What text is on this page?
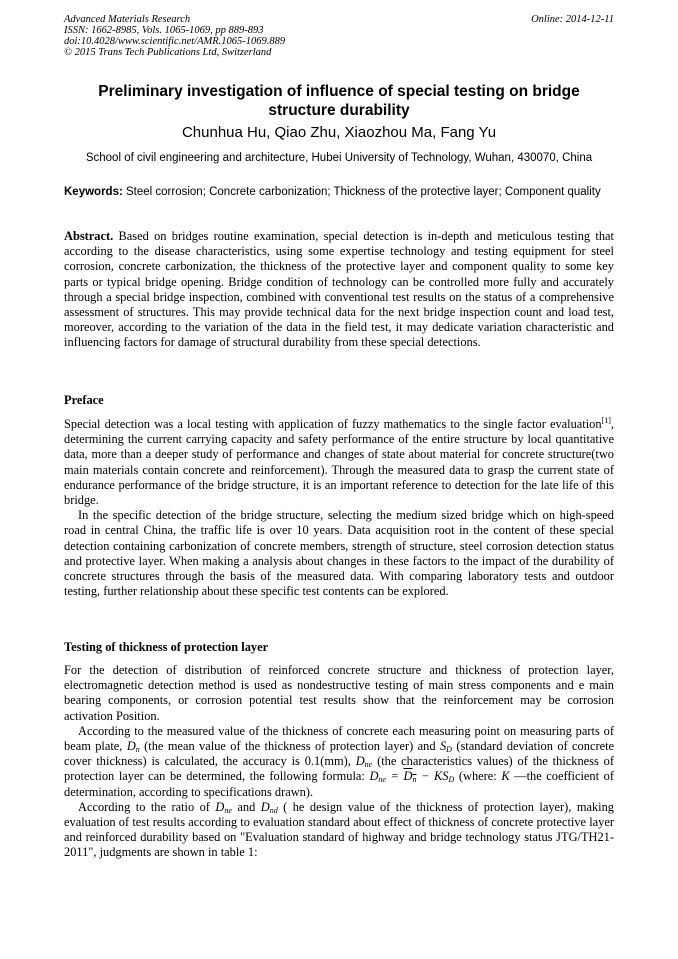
Advanced Materials Research
ISSN: 1662-8985, Vols. 1065-1069, pp 889-893
doi:10.4028/www.scientific.net/AMR.1065-1069.889
© 2015 Trans Tech Publications Ltd, Switzerland
Online: 2014-12-11
Preliminary investigation of influence of special testing on bridge structure durability
Chunhua Hu, Qiao Zhu, Xiaozhou Ma, Fang Yu
School of civil engineering and architecture, Hubei University of Technology, Wuhan, 430070, China
Keywords: Steel corrosion; Concrete carbonization; Thickness of the protective layer; Component quality
Abstract. Based on bridges routine examination, special detection is in-depth and meticulous testing that according to the disease characteristics, using some expertise technology and testing equipment for steel corrosion, concrete carbonization, the thickness of the protective layer and component quality to some key parts or typical bridge opening. Bridge condition of technology can be controlled more fully and accurately through a special bridge inspection, combined with conventional test results on the status of a comprehensive assessment of structures. This may provide technical data for the next bridge inspection count and load test, moreover, according to the variation of the data in the field test, it may dedicate variation characteristic and influencing factors for damage of structural durability from these special detections.
Preface

Special detection was a local testing with application of fuzzy mathematics to the single factor evaluation[1], determining the current carrying capacity and safety performance of the entire structure by local quantitative data, more than a deeper study of performance and changes of state about material for concrete structure(two main materials contain concrete and reinforcement). Through the measured data to grasp the current state of endurance performance of the bridge structure, it is an important reference to detection for the late life of this bridge.

In the specific detection of the bridge structure, selecting the medium sized bridge which on high-speed road in central China, the traffic life is over 10 years. Data acquisition root in the content of these special detection containing carbonization of concrete members, strength of structure, steel corrosion detection status and protective layer. When making a analysis about changes in these factors to the impact of the durability of concrete structures through the basis of the measured data. With comparing laboratory tests and outdoor testing, further relationship about these specific test contents can be explored.

Testing of thickness of protection layer

For the detection of distribution of reinforced concrete structure and thickness of protection layer, electromagnetic detection method is used as nondestructive testing of main stress components and e main bearing components, or corrosion potential test results show that the reinforcement may be corrosion activation Position.

According to the measured value of the thickness of concrete each measuring point on measuring parts of beam plate, $D_n$ (the mean value of the thickness of protection layer) and $S_D$ (standard deviation of concrete cover thickness) is calculated, the accuracy is 0.1(mm), $D_{ne}$ (the characteristics values) of the thickness of protection layer can be determined, the following formula: $D_{ne} = D_n - KS_D$ (where: K —the coefficient of determination, according to specifications drawn).

According to the ratio of $D_{ne}$ and $D_{nd}$ ( he design value of the thickness of protection layer), making evaluation of test results according to evaluation standard about effect of thickness of concrete protective layer and reinforced durability based on "Evaluation standard of highway and bridge technology status JTG/TH21-2011", judgments are shown in table 1:
